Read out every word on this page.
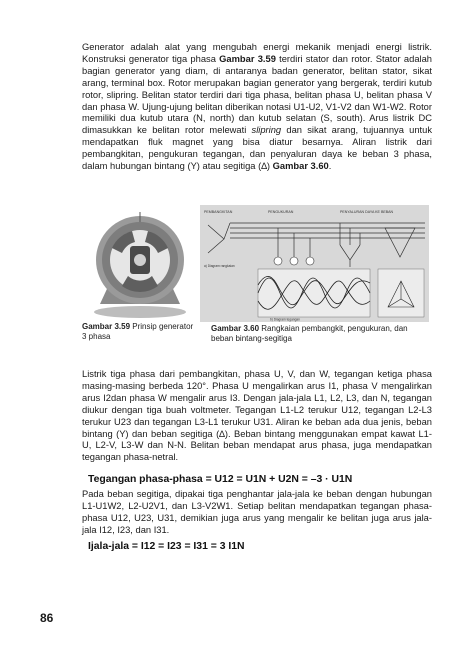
Generator adalah alat yang mengubah energi mekanik menjadi energi listrik. Konstruksi generator tiga phasa Gambar 3.59 terdiri stator dan rotor. Stator adalah bagian generator yang diam, di antaranya badan generator, belitan stator, sikat arang, terminal box. Rotor merupakan bagian generator yang bergerak, terdiri kutub rotor, slipring. Belitan stator terdiri dari tiga phasa, belitan phasa U, belitan phasa V dan phasa W. Ujung-ujung belitan diberikan notasi U1-U2, V1-V2 dan W1-W2. Rotor memiliki dua kutub utara (N, north) dan kutub selatan (S, south). Arus listrik DC dimasukkan ke belitan rotor melewati slipring dan sikat arang, tujuannya untuk mendapatkan fluk magnet yang bisa diatur besarnya. Aliran listrik dari pembangkitan, pengukuran tegangan, dan penyaluran daya ke beban 3 phasa, dalam hubungan bintang (Y) atau segitiga (∆) Gambar 3.60.

PEMBANGKITAN	PENGUKURAN	PENYALURAN DAYA KE BEBAN
b) Diagram tegangan
a) Diagram rangkaian
Gambar 3.59 Prinsip generator 3 phasa
Gambar 3.60 Rangkaian pembangkit, pengukuran, dan beban bintang-segitiga

Listrik tiga phasa dari pembangkitan, phasa U, V, dan W, tegangan ketiga phasa masing-masing berbeda 120°. Phasa U mengalirkan arus I1, phasa V mengalirkan arus I2dan phasa W mengalir arus I3. Dengan jala-jala L1, L2, L3, dan N, tegangan diukur dengan tiga buah voltmeter. Tegangan L1-L2 terukur U12, tegangan L2-L3 terukur U23 dan tegangan L3-L1 terukur U31. Aliran ke beban ada dua jenis, beban bintang (Y) dan beban segitiga (∆). Beban bintang menggunakan empat kawat L1-U, L2-V, L3-W dan N-N. Belitan beban mendapat arus phasa, juga mendapatkan tegangan phasa-netral.

Tegangan phasa-phasa = U12 = U1N + U2N = –3 · U1N

Pada beban segitiga, dipakai tiga penghantar jala-jala ke beban dengan hubungan L1-U1W2, L2-U2V1, dan L3-V2W1. Setiap belitan mendapatkan tegangan phasa-phasa U12, U23, U31, demikian juga arus yang mengalir ke belitan juga arus jala-jala I12, I23, dan I31.

Ijala-jala = I12 = I23 = I31 = 3 I1N
86
